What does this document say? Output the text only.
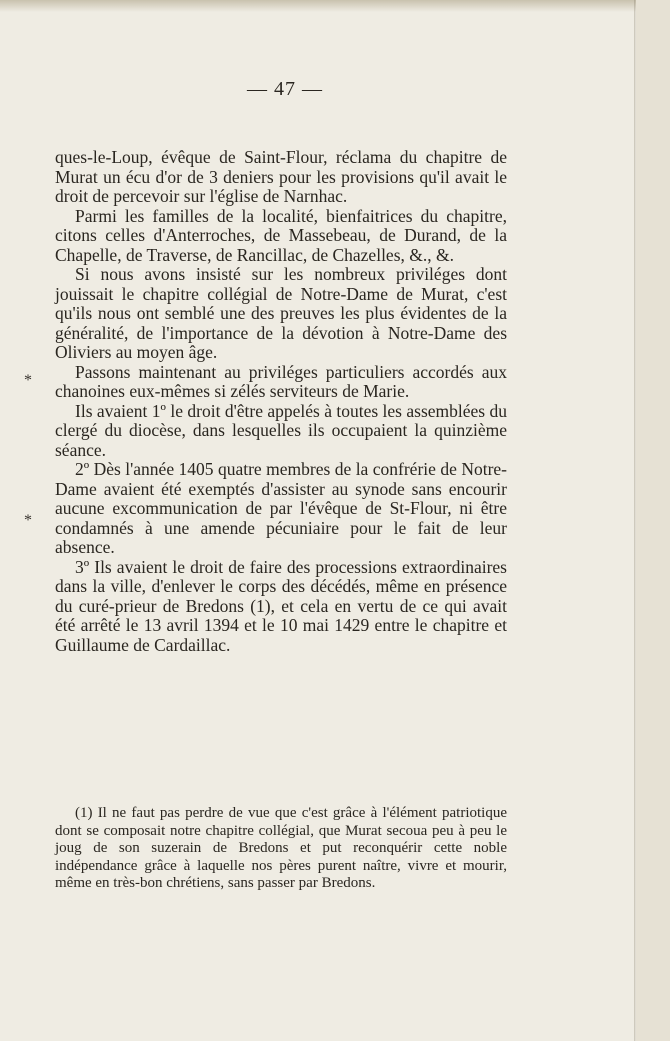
— 47 —

ques-le-Loup, évêque de Saint-Flour, réclama du chapitre de Murat un écu d'or de 3 deniers pour les provisions qu'il avait le droit de percevoir sur l'église de Narnhac.

Parmi les familles de la localité, bienfaitrices du chapitre, citons celles d'Anterroches, de Massebeau, de Durand, de la Chapelle, de Traverse, de Rancillac, de Chazelles, &., &.

Si nous avons insisté sur les nombreux priviléges dont jouissait le chapitre collégial de Notre-Dame de Murat, c'est qu'ils nous ont semblé une des preuves les plus évidentes de la généralité, de l'importance de la dévotion à Notre-Dame des Oliviers au moyen âge.

Passons maintenant au priviléges particuliers accordés aux chanoines eux-mêmes si zélés serviteurs de Marie.

Ils avaient 1º le droit d'être appelés à toutes les assemblées du clergé du diocèse, dans lesquelles ils occupaient la quinzième séance.

2º Dès l'année 1405 quatre membres de la confrérie de Notre-Dame avaient été exemptés d'assister au synode sans encourir aucune excommunication de par l'évêque de St-Flour, ni être condamnés à une amende pécuniaire pour le fait de leur absence.

3º Ils avaient le droit de faire des processions extraordinaires dans la ville, d'enlever le corps des décédés, même en présence du curé-prieur de Bredons (1), et cela en vertu de ce qui avait été arrêté le 13 avril 1394 et le 10 mai 1429 entre le chapitre et Guillaume de Cardaillac.

*
*

(1) Il ne faut pas perdre de vue que c'est grâce à l'élément patriotique dont se composait notre chapitre collégial, que Murat secoua peu à peu le joug de son suzerain de Bredons et put reconquérir cette noble indépendance grâce à laquelle nos pères purent naître, vivre et mourir, même en très-bon chrétiens, sans passer par Bredons.
